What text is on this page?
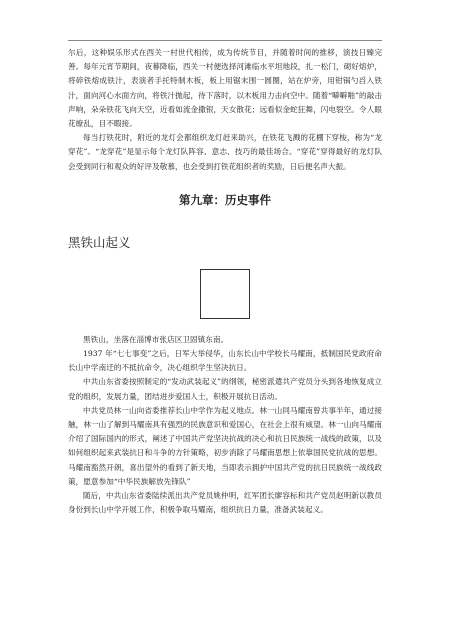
尔后，这种娱乐形式在西关一村世代相传，成为传统节目，并随着时间的推移，演技日臻完善。每年元宵节期间，夜幕降临，西关一村便选择河滩临水平坦地段，扎一松门，砌好熔炉，将碎铁熔成铁汁，表演者手托特制木板，板上用锯末围一圆圈，站在炉旁，用钳锅勺舀入铁汁，面向河心水面方向，将铁汁抛起，待下落时，以木板用力击向空中。随着“噼噼啪”的敲击声响，朵朵铁花飞向天空，近看如流金撒银，天女散花；远看似金蛇狂舞，闪电裂空。令人眼花缭乱，目不暇接。

每当打铁花时，附近的龙灯会都组织龙灯赶来助兴，在铁花飞溅的花棚下穿梭，称为“龙穿花”。“龙穿花”是显示每个龙灯队阵容、意志、技巧的最佳场合。“穿花”穿得最好的龙灯队会受到同行和观众的好评及敬慕，也会受到打铁花组织者的奖励，日后便名声大振。

第九章：历史事件
黑铁山起义

黑铁山，坐落在淄博市张店区卫固镇东南。

1937 年“七七事变”之后，日军大举侵华，山东长山中学校长马耀南，抵制国民党政府命长山中学南迁的不抵抗命令，决心组织学生坚决抗日。

中共山东省委按照制定的“发动武装起义”的纲领，秘密派遣共产党员分头到各地恢复成立党的组织，发展力量，团结进步爱国人士，积极开展抗日活动。

中共党员林一山向省委推荐长山中学作为起义地点。林一山同马耀南曾共事半年，通过接触，林一山了解到马耀南具有强烈的民族意识和爱国心，在社会上很有威望。林一山向马耀南介绍了国际国内的形式，阐述了中国共产党坚决抗战的决心和抗日民族统一战线的政策，以及如何组织起来武装抗日和斗争的方针策略，初步消除了马耀南思想上依靠国民党抗战的思想。马耀南豁然开朗，喜出望外的看到了新天地，当即表示拥护中国共产党的抗日民族统一战线政策，愿意参加“中华民族解放先锋队”

随后，中共山东省委陆续派出共产党员姚仲明，红军团长廖容标和共产党员赵明新以教员身份到长山中学开展工作，积极争取马耀南，组织抗日力量，准备武装起义。
